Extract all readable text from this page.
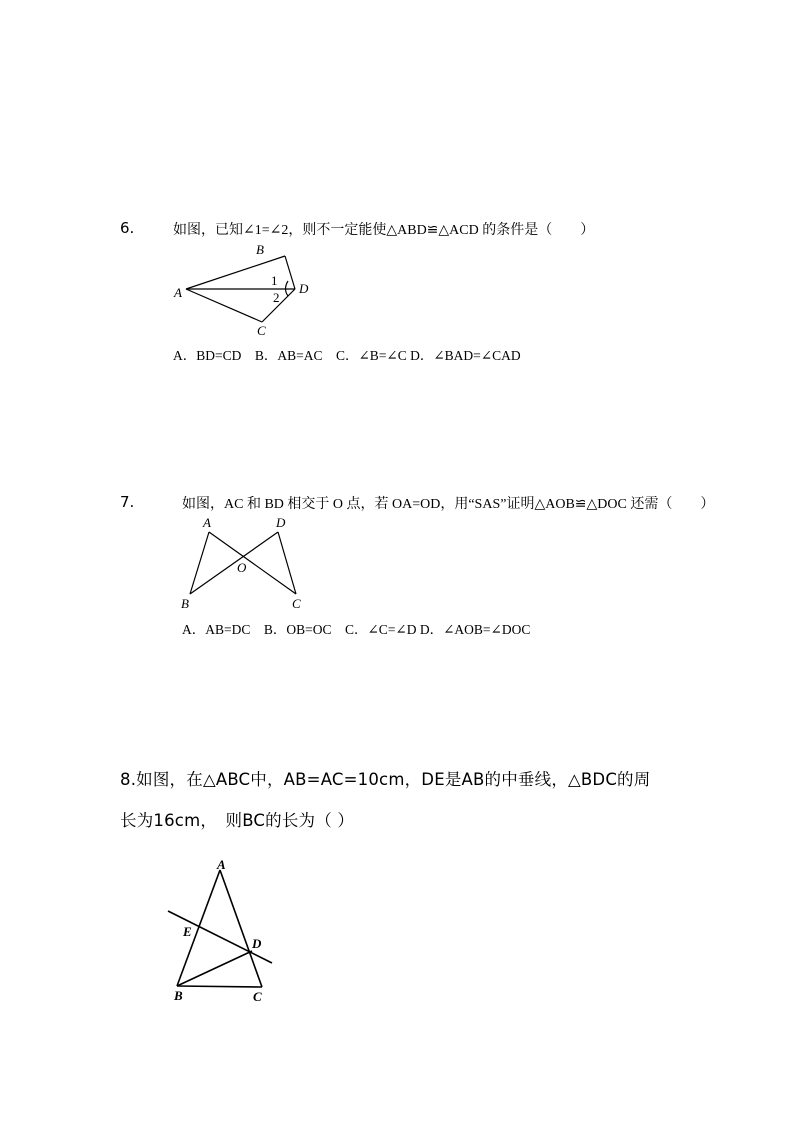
6.	如图，已知∠1=∠2，则不一定能使△ABD≌△ACD 的条件是（　　）
B
A	D
C
1
2
A．BD=CD　B．AB=AC　C．∠B=∠C D．∠BAD=∠CAD
7.	如图，AC 和 BD 相交于 O 点，若 OA=OD，用“SAS”证明△AOB≌△DOC 还需（　　）
A	D
O
B	C
A．AB=DC　B．OB=OC　C．∠C=∠D D．∠AOB=∠DOC
8.如图，在△ABC中，AB=AC=10cm，DE是AB的中垂线，△BDC的周
长为16cm，　则BC的长为（ ）
A
E
D
B	C
